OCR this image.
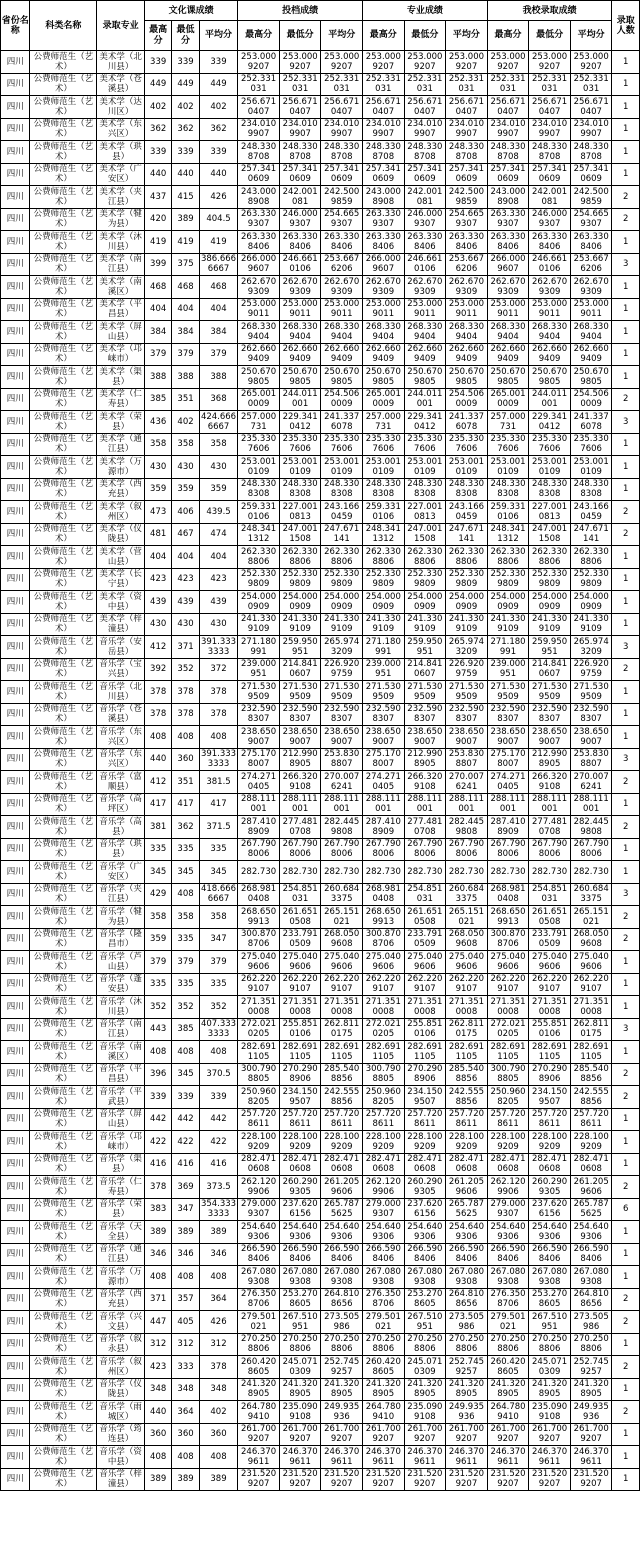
省份名称	科类名称	录取专业	文化课成绩			投档成绩			专业成绩			我校录取成绩			录取人数
			最高分	最低分	平均分	最高分	最低分	平均分	最高分	最低分	平均分	最高分	最低分	平均分	
四川	公费师范生（艺术）	美术学（北川县）	339	339	339	253.000 9207	253.000 9207	253.000 9207	253.000 9207	253.000 9207	253.000 9207	253.000 9207	253.000 9207	253.000 9207	1
四川	公费师范生（艺术）	美术学（苍溪县）	449	449	449	252.331 031	252.331 031	252.331 031	252.331 031	252.331 031	252.331 031	252.331 031	252.331 031	252.331 031	1
四川	公费师范生（艺术）	美术学（达川区）	402	402	402	256.671 0407	256.671 0407	256.671 0407	256.671 0407	256.671 0407	256.671 0407	256.671 0407	256.671 0407	256.671 0407	1
四川	公费师范生（艺术）	美术学（东兴区）	362	362	362	234.010 9907	234.010 9907	234.010 9907	234.010 9907	234.010 9907	234.010 9907	234.010 9907	234.010 9907	234.010 9907	1
四川	公费师范生（艺术）	美术学（珙县）	339	339	339	248.330 8708	248.330 8708	248.330 8708	248.330 8708	248.330 8708	248.330 8708	248.330 8708	248.330 8708	248.330 8708	1
四川	公费师范生（艺术）	美术学（广安区）	440	440	440	257.341 0609	257.341 0609	257.341 0609	257.341 0609	257.341 0609	257.341 0609	257.341 0609	257.341 0609	257.341 0609	1
四川	公费师范生（艺术）	美术学（夹江县）	437	415	426	243.000 8908	242.001 081	242.500 9859	243.000 8908	242.001 081	242.500 9859	243.000 8908	242.001 081	242.500 9859	2
四川	公费师范生（艺术）	美术学（犍为县）	420	389	404.5	263.330 9307	246.000 9307	254.665 9307	263.330 9307	246.000 9307	254.665 9307	263.330 9307	246.000 9307	254.665 9307	2
四川	公费师范生（艺术）	美术学（沐川县）	419	419	419	263.330 8406	263.330 8406	263.330 8406	263.330 8406	263.330 8406	263.330 8406	263.330 8406	263.330 8406	263.330 8406	1
四川	公费师范生（艺术）	美术学（南江县）	399	375	386.666 6667	266.000 9607	246.661 0106	253.667 6206	266.000 9607	246.661 0106	253.667 6206	266.000 9607	246.661 0106	253.667 6206	3
四川	公费师范生（艺术）	美术学（南溪区）	468	468	468	262.670 9309	262.670 9309	262.670 9309	262.670 9309	262.670 9309	262.670 9309	262.670 9309	262.670 9309	262.670 9309	1
四川	公费师范生（艺术）	美术学（平昌县）	404	404	404	253.000 9011	253.000 9011	253.000 9011	253.000 9011	253.000 9011	253.000 9011	253.000 9011	253.000 9011	253.000 9011	1
四川	公费师范生（艺术）	美术学（屏山县）	384	384	384	268.330 9404	268.330 9404	268.330 9404	268.330 9404	268.330 9404	268.330 9404	268.330 9404	268.330 9404	268.330 9404	1
四川	公费师范生（艺术）	美术学（邛崃市）	379	379	379	262.660 9409	262.660 9409	262.660 9409	262.660 9409	262.660 9409	262.660 9409	262.660 9409	262.660 9409	262.660 9409	1
四川	公费师范生（艺术）	美术学（渠县）	388	388	388	250.670 9805	250.670 9805	250.670 9805	250.670 9805	250.670 9805	250.670 9805	250.670 9805	250.670 9805	250.670 9805	1
四川	公费师范生（艺术）	美术学（仁寿县）	385	351	368	265.001 0009	244.011 001	254.506 0009	265.001 0009	244.011 001	254.506 0009	265.001 0009	244.011 001	254.506 0009	2
四川	公费师范生（艺术）	美术学（荣县）	436	402	424.666 6667	257.000 731	229.341 0412	241.337 6078	257.000 731	229.341 0412	241.337 6078	257.000 731	229.341 0412	241.337 6078	3
四川	公费师范生（艺术）	美术学（通江县）	358	358	358	235.330 7606	235.330 7606	235.330 7606	235.330 7606	235.330 7606	235.330 7606	235.330 7606	235.330 7606	235.330 7606	1
四川	公费师范生（艺术）	美术学（万源市）	430	430	430	253.001 0109	253.001 0109	253.001 0109	253.001 0109	253.001 0109	253.001 0109	253.001 0109	253.001 0109	253.001 0109	1
四川	公费师范生（艺术）	美术学（西充县）	359	359	359	248.330 8308	248.330 8308	248.330 8308	248.330 8308	248.330 8308	248.330 8308	248.330 8308	248.330 8308	248.330 8308	1
四川	公费师范生（艺术）	美术学（叙州区）	473	406	439.5	259.331 0106	227.001 0813	243.166 0459	259.331 0106	227.001 0813	243.166 0459	259.331 0106	227.001 0813	243.166 0459	2
四川	公费师范生（艺术）	美术学（仪陇县）	481	467	474	248.341 1312	247.001 1508	247.671 141	248.341 1312	247.001 1508	247.671 141	248.341 1312	247.001 1508	247.671 141	2
四川	公费师范生（艺术）	美术学（营山县）	404	404	404	262.330 8806	262.330 8806	262.330 8806	262.330 8806	262.330 8806	262.330 8806	262.330 8806	262.330 8806	262.330 8806	1
四川	公费师范生（艺术）	美术学（长宁县）	423	423	423	252.330 9809	252.330 9809	252.330 9809	252.330 9809	252.330 9809	252.330 9809	252.330 9809	252.330 9809	252.330 9809	1
四川	公费师范生（艺术）	美术学（资中县）	439	439	439	254.000 0909	254.000 0909	254.000 0909	254.000 0909	254.000 0909	254.000 0909	254.000 0909	254.000 0909	254.000 0909	1
四川	公费师范生（艺术）	美术学（梓潼县）	430	430	430	241.330 9109	241.330 9109	241.330 9109	241.330 9109	241.330 9109	241.330 9109	241.330 9109	241.330 9109	241.330 9109	1
四川	公费师范生（艺术）	音乐学（安岳县）	412	371	391.333 3333	271.180 991	259.950 951	265.974 3209	271.180 991	259.950 951	265.974 3209	271.180 991	259.950 951	265.974 3209	3
四川	公费师范生（艺术）	音乐学（宝兴县）	392	352	372	239.000 951	214.841 0607	226.920 9759	239.000 951	214.841 0607	226.920 9759	239.000 951	214.841 0607	226.920 9759	2
四川	公费师范生（艺术）	音乐学（北川县）	378	378	378	271.530 9509	271.530 9509	271.530 9509	271.530 9509	271.530 9509	271.530 9509	271.530 9509	271.530 9509	271.530 9509	1
四川	公费师范生（艺术）	音乐学（苍溪县）	378	378	378	232.590 8307	232.590 8307	232.590 8307	232.590 8307	232.590 8307	232.590 8307	232.590 8307	232.590 8307	232.590 8307	1
四川	公费师范生（艺术）	音乐学（东兴区）	408	408	408	238.650 9007	238.650 9007	238.650 9007	238.650 9007	238.650 9007	238.650 9007	238.650 9007	238.650 9007	238.650 9007	1
四川	公费师范生（艺术）	音乐学（东兴区）	440	360	391.333 3333	275.170 8007	212.990 8905	253.830 8807	275.170 8007	212.990 8905	253.830 8807	275.170 8007	212.990 8905	253.830 8807	3
四川	公费师范生（艺术）	音乐学（富顺县）	412	351	381.5	274.271 0405	266.320 9108	270.007 6241	274.271 0405	266.320 9108	270.007 6241	274.271 0405	266.320 9108	270.007 6241	2
四川	公费师范生（艺术）	音乐学（高坪区）	417	417	417	288.111 001	288.111 001	288.111 001	288.111 001	288.111 001	288.111 001	288.111 001	288.111 001	288.111 001	1
四川	公费师范生（艺术）	音乐学（高县）	381	362	371.5	287.410 8909	277.481 0708	282.445 9808	287.410 8909	277.481 0708	282.445 9808	287.410 8909	277.481 0708	282.445 9808	2
四川	公费师范生（艺术）	音乐学（珙县）	335	335	335	267.790 8006	267.790 8006	267.790 8006	267.790 8006	267.790 8006	267.790 8006	267.790 8006	267.790 8006	267.790 8006	1
四川	公费师范生（艺术）	音乐学（广安区）	345	345	345	282.730	282.730	282.730	282.730	282.730	282.730	282.730	282.730	282.730	1
四川	公费师范生（艺术）	音乐学（夹江县）	429	408	418.666 6667	268.981 0408	254.851 031	260.684 3375	268.981 0408	254.851 031	260.684 3375	268.981 0408	254.851 031	260.684 3375	3
四川	公费师范生（艺术）	音乐学（犍为县）	358	358	358	268.650 9913	261.651 0508	265.151 021	268.650 9913	261.651 0508	265.151 021	268.650 9913	261.651 0508	265.151 021	2
四川	公费师范生（艺术）	音乐学（隆昌市）	359	335	347	300.870 8706	233.791 0509	268.050 9608	300.870 8706	233.791 0509	268.050 9608	300.870 8706	233.791 0509	268.050 9608	2
四川	公费师范生（艺术）	音乐学（芦山县）	379	379	379	275.040 9606	275.040 9606	275.040 9606	275.040 9606	275.040 9606	275.040 9606	275.040 9606	275.040 9606	275.040 9606	1
四川	公费师范生（艺术）	音乐学（蓬安县）	335	335	335	262.220 9107	262.220 9107	262.220 9107	262.220 9107	262.220 9107	262.220 9107	262.220 9107	262.220 9107	262.220 9107	1
四川	公费师范生（艺术）	音乐学（沐川县）	352	352	352	271.351 0008	271.351 0008	271.351 0008	271.351 0008	271.351 0008	271.351 0008	271.351 0008	271.351 0008	271.351 0008	1
四川	公费师范生（艺术）	音乐学（南江县）	443	385	407.333 3333	272.021 0205	255.851 0106	262.811 0175	272.021 0205	255.851 0106	262.811 0175	272.021 0205	255.851 0106	262.811 0175	3
四川	公费师范生（艺术）	音乐学（南溪区）	408	408	408	282.691 1105	282.691 1105	282.691 1105	282.691 1105	282.691 1105	282.691 1105	282.691 1105	282.691 1105	282.691 1105	1
四川	公费师范生（艺术）	音乐学（平昌县）	396	345	370.5	300.790 8805	270.290 8906	285.540 8856	300.790 8805	270.290 8906	285.540 8856	300.790 8805	270.290 8906	285.540 8856	2
四川	公费师范生（艺术）	音乐学（平武县）	339	339	339	250.960 8205	234.150 9507	242.555 8856	250.960 8205	234.150 9507	242.555 8856	250.960 8205	234.150 9507	242.555 8856	2
四川	公费师范生（艺术）	音乐学（屏山县）	442	442	442	257.720 8611	257.720 8611	257.720 8611	257.720 8611	257.720 8611	257.720 8611	257.720 8611	257.720 8611	257.720 8611	1
四川	公费师范生（艺术）	音乐学（邛崃市）	422	422	422	228.100 9209	228.100 9209	228.100 9209	228.100 9209	228.100 9209	228.100 9209	228.100 9209	228.100 9209	228.100 9209	1
四川	公费师范生（艺术）	音乐学（渠县）	416	416	416	282.471 0608	282.471 0608	282.471 0608	282.471 0608	282.471 0608	282.471 0608	282.471 0608	282.471 0608	282.471 0608	1
四川	公费师范生（艺术）	音乐学（仁寿县）	378	369	373.5	262.120 9906	260.290 9305	261.205 9606	262.120 9906	260.290 9305	261.205 9606	262.120 9906	260.290 9305	261.205 9606	2
四川	公费师范生（艺术）	音乐学（荣县）	383	347	354.333 3333	279.000 9307	237.620 6156	265.787 5625	279.000 9307	237.620 6156	265.787 5625	279.000 9307	237.620 6156	265.787 5625	6
四川	公费师范生（艺术）	音乐学（天全县）	389	389	389	254.640 9306	254.640 9306	254.640 9306	254.640 9306	254.640 9306	254.640 9306	254.640 9306	254.640 9306	254.640 9306	1
四川	公费师范生（艺术）	音乐学（通江县）	346	346	346	266.590 8406	266.590 8406	266.590 8406	266.590 8406	266.590 8406	266.590 8406	266.590 8406	266.590 8406	266.590 8406	1
四川	公费师范生（艺术）	音乐学（万源市）	408	408	408	267.080 9308	267.080 9308	267.080 9308	267.080 9308	267.080 9308	267.080 9308	267.080 9308	267.080 9308	267.080 9308	1
四川	公费师范生（艺术）	音乐学（西充县）	371	357	364	276.350 8706	253.270 8605	264.810 8656	276.350 8706	253.270 8605	264.810 8656	276.350 8706	253.270 8605	264.810 8656	2
四川	公费师范生（艺术）	音乐学（兴文县）	447	405	426	279.501 021	267.510 951	273.505 986	279.501 021	267.510 951	273.505 986	279.501 021	267.510 951	273.505 986	2
四川	公费师范生（艺术）	音乐学（叙永县）	312	312	312	270.250 8806	270.250 8806	270.250 8806	270.250 8806	270.250 8806	270.250 8806	270.250 8806	270.250 8806	270.250 8806	1
四川	公费师范生（艺术）	音乐学（叙州区）	423	333	378	260.420 8605	245.071 0309	252.745 9257	260.420 8605	245.071 0309	252.745 9257	260.420 8605	245.071 0309	252.745 9257	2
四川	公费师范生（艺术）	音乐学（仪陇县）	348	348	348	241.320 8905	241.320 8905	241.320 8905	241.320 8905	241.320 8905	241.320 8905	241.320 8905	241.320 8905	241.320 8905	1
四川	公费师范生（艺术）	音乐学（雨城区）	440	364	402	264.780 9410	235.090 9108	249.935 936	264.780 9410	235.090 9108	249.935 936	264.780 9410	235.090 9108	249.935 936	2
四川	公费师范生（艺术）	音乐学（筠连县）	360	360	360	261.700 9207	261.700 9207	261.700 9207	261.700 9207	261.700 9207	261.700 9207	261.700 9207	261.700 9207	261.700 9207	1
四川	公费师范生（艺术）	音乐学（资中县）	408	408	408	246.370 9611	246.370 9611	246.370 9611	246.370 9611	246.370 9611	246.370 9611	246.370 9611	246.370 9611	246.370 9611	1
四川	公费师范生（艺术）	音乐学（梓潼县）	389	389	389	231.520 9207	231.520 9207	231.520 9207	231.520 9207	231.520 9207	231.520 9207	231.520 9207	231.520 9207	231.520 9207	1
